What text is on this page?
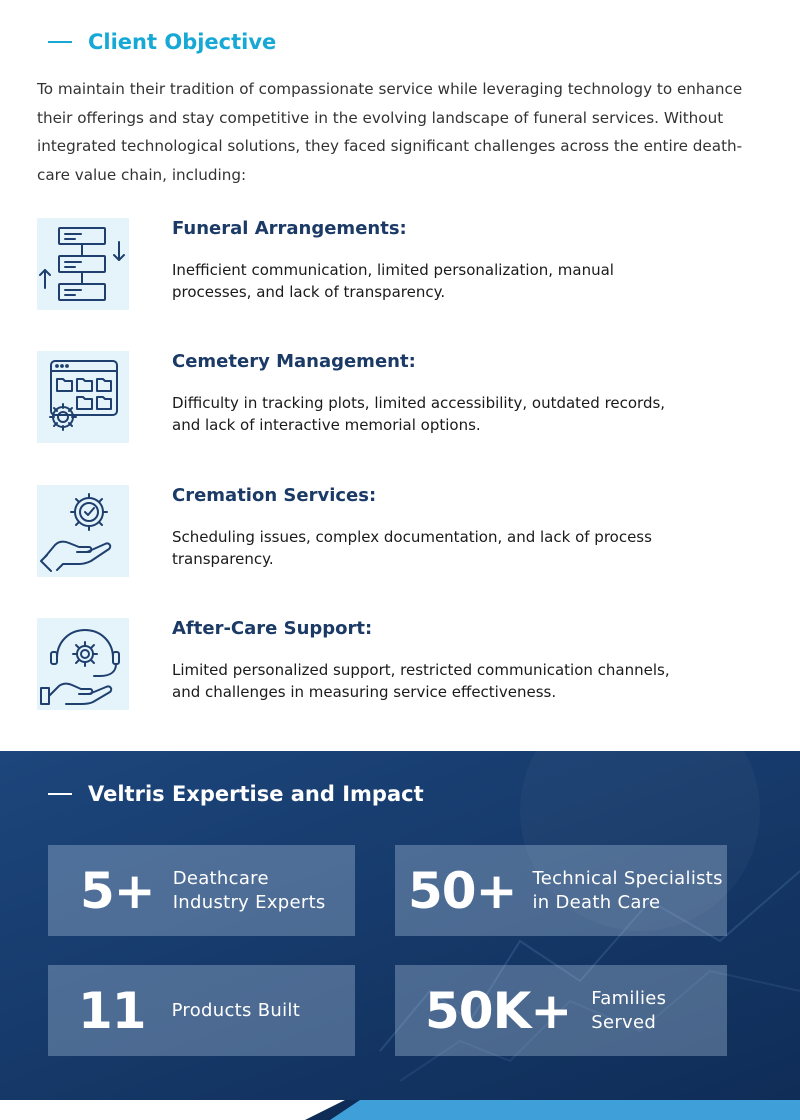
Client Objective

To maintain their tradition of compassionate service while leveraging technology to enhance
their offerings and stay competitive in the evolving landscape of funeral services. Without
integrated technological solutions, they faced significant challenges across the entire death-
care value chain, including:

Funeral Arrangements:

Inefficient communication, limited personalization, manual
processes, and lack of transparency.

Cemetery Management:

Difficulty in tracking plots, limited accessibility, outdated records,
and lack of interactive memorial options.

Cremation Services:

Scheduling issues, complex documentation, and lack of process
transparency.

After-Care Support:

Limited personalized support, restricted communication channels,
and challenges in measuring service effectiveness.

Veltris Expertise and Impact
5+ Deathcare
Industry Experts 50+ Technical Specialists
in Death Care
11 Products Built 50K+ Families
Served
